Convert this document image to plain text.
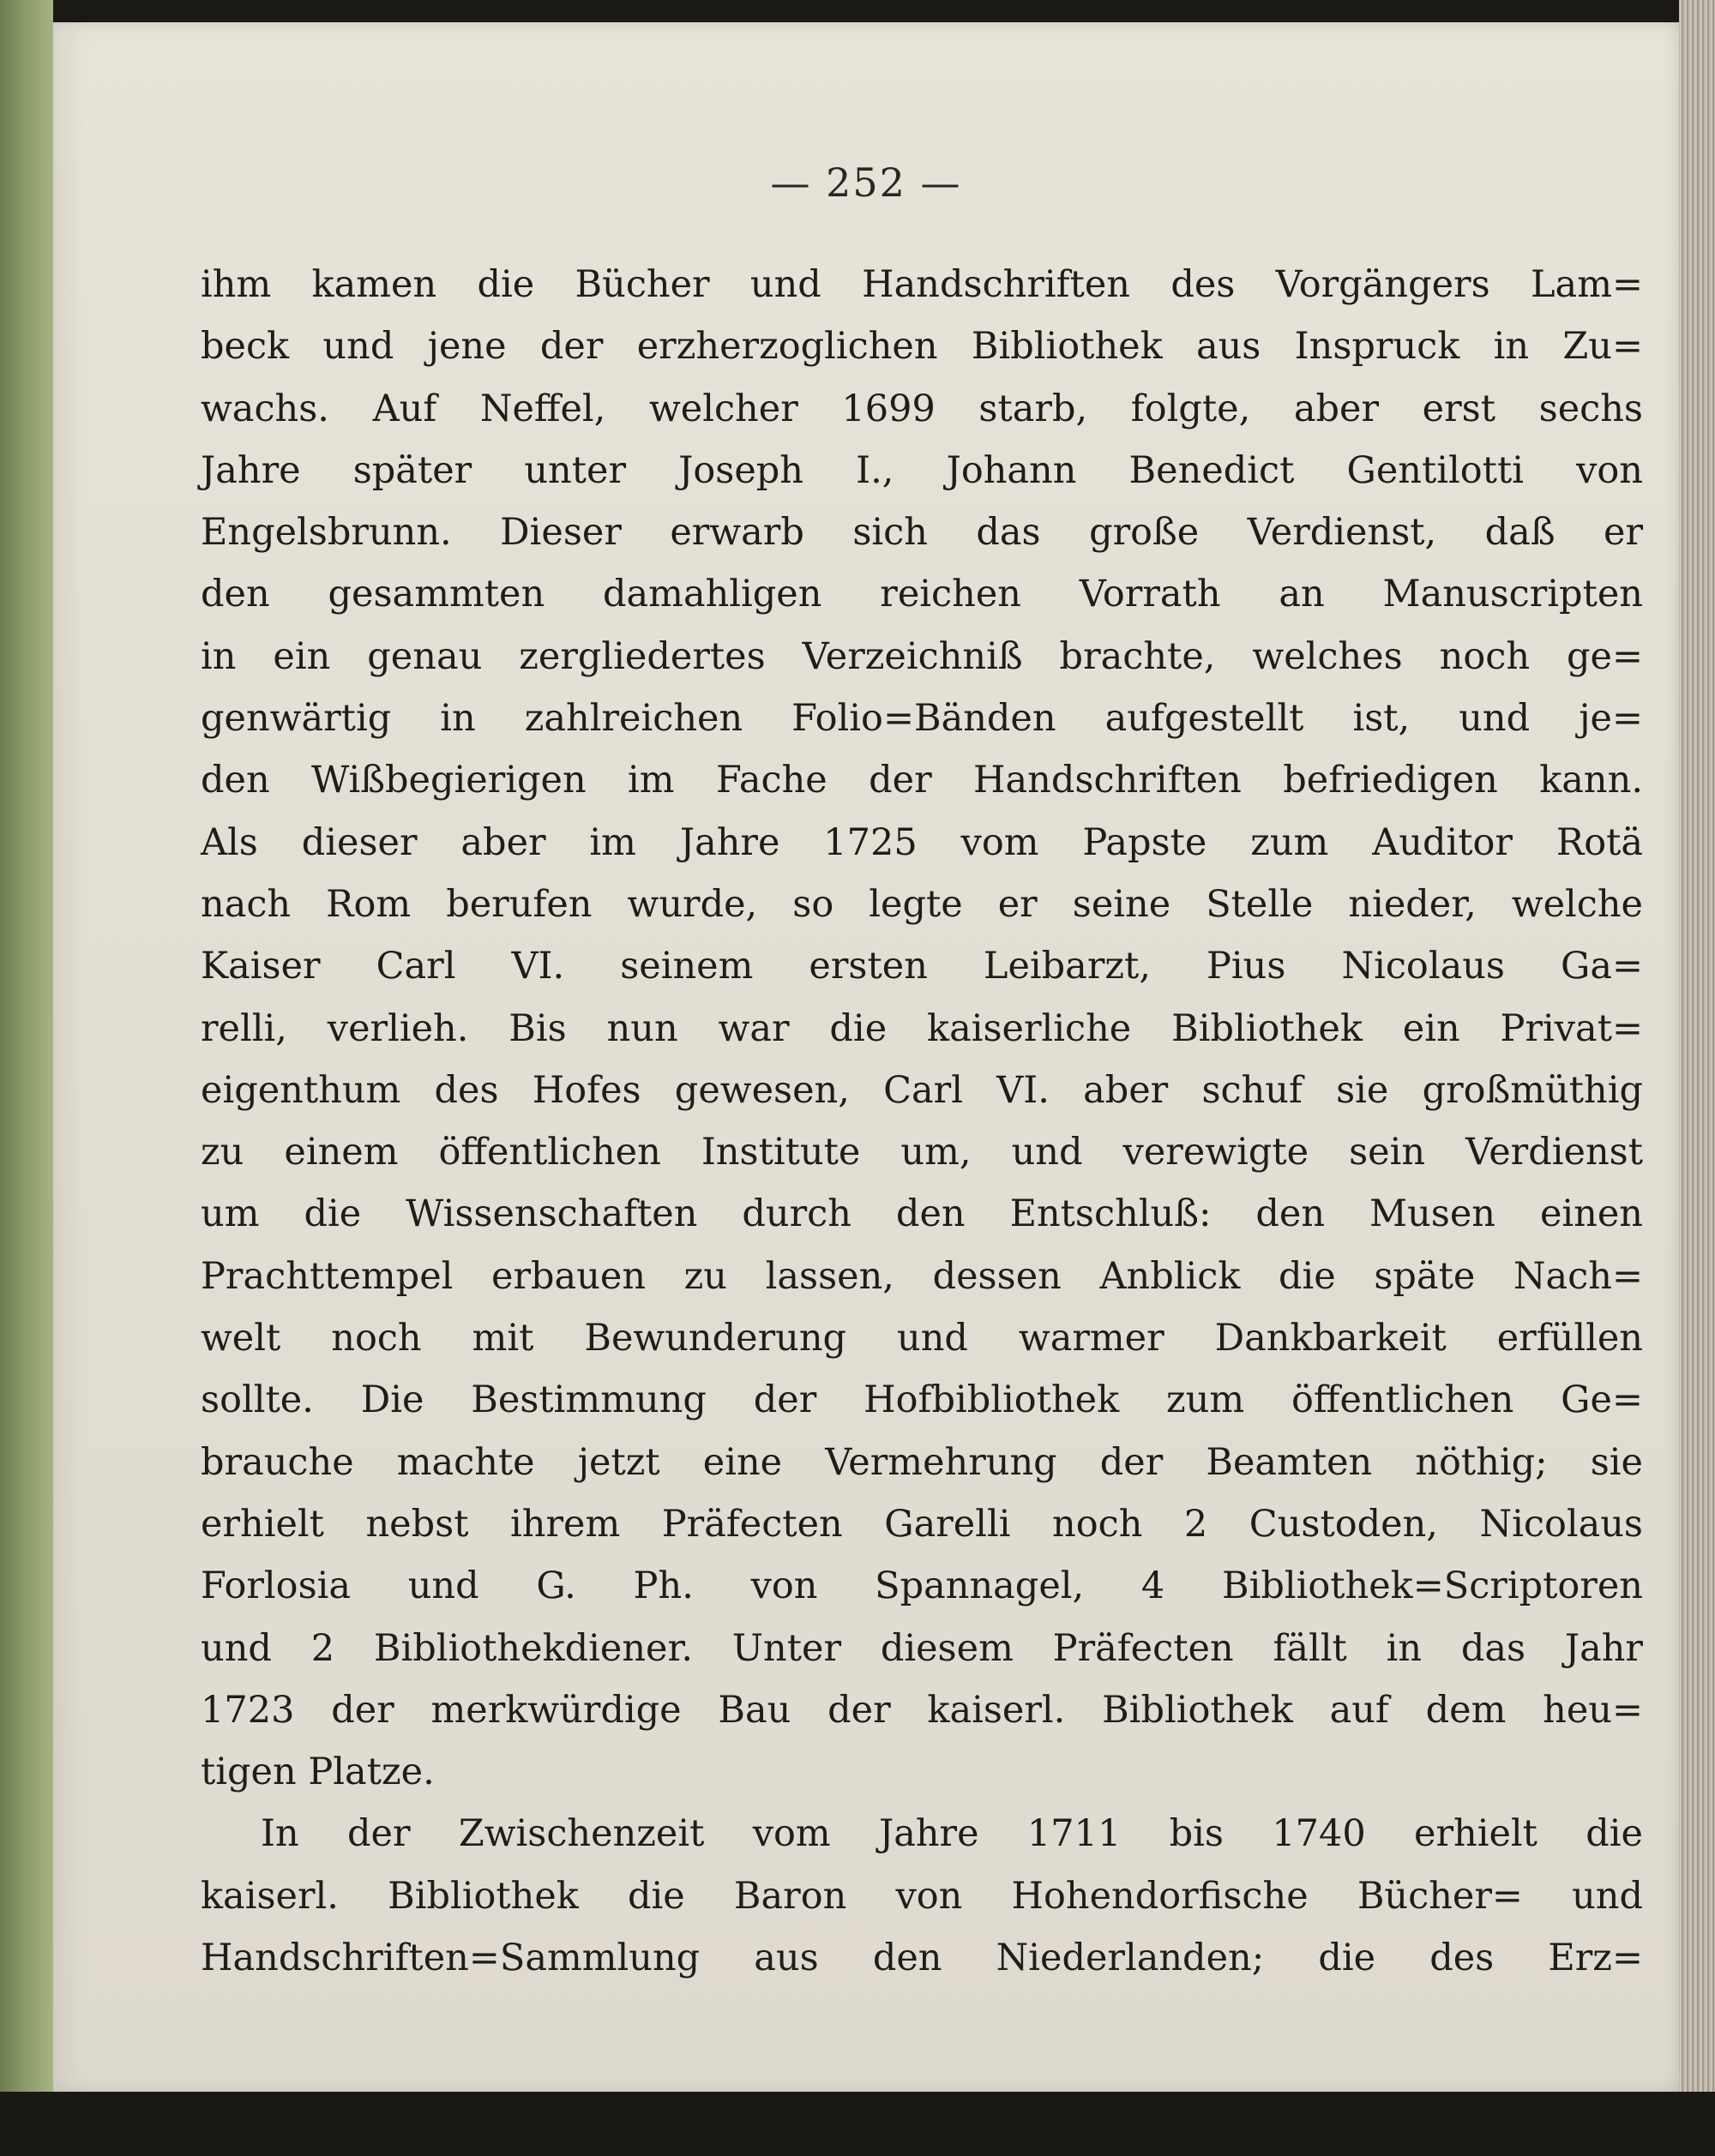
— 252 —
ihm kamen die Bücher und Handschriften des Vorgängers Lam=
beck und jene der erzherzoglichen Bibliothek aus Inspruck in Zu=
wachs. Auf Neffel, welcher 1699 starb, folgte, aber erst sechs
Jahre später unter Joseph I., Johann Benedict Gentilotti von
Engelsbrunn. Dieser erwarb sich das große Verdienst, daß er
den gesammten damahligen reichen Vorrath an Manuscripten
in ein genau zergliedertes Verzeichniß brachte, welches noch ge=
genwärtig in zahlreichen Folio=Bänden aufgestellt ist, und je=
den Wißbegierigen im Fache der Handschriften befriedigen kann.
Als dieser aber im Jahre 1725 vom Papste zum Auditor Rotä
nach Rom berufen wurde, so legte er seine Stelle nieder, welche
Kaiser Carl VI. seinem ersten Leibarzt, Pius Nicolaus Ga=
relli, verlieh. Bis nun war die kaiserliche Bibliothek ein Privat=
eigenthum des Hofes gewesen, Carl VI. aber schuf sie großmüthig
zu einem öffentlichen Institute um, und verewigte sein Verdienst
um die Wissenschaften durch den Entschluß: den Musen einen
Prachttempel erbauen zu lassen, dessen Anblick die späte Nach=
welt noch mit Bewunderung und warmer Dankbarkeit erfüllen
sollte. Die Bestimmung der Hofbibliothek zum öffentlichen Ge=
brauche machte jetzt eine Vermehrung der Beamten nöthig; sie
erhielt nebst ihrem Präfecten Garelli noch 2 Custoden, Nicolaus
Forlosia und G. Ph. von Spannagel, 4 Bibliothek=Scriptoren
und 2 Bibliothekdiener. Unter diesem Präfecten fällt in das Jahr
1723 der merkwürdige Bau der kaiserl. Bibliothek auf dem heu=
tigen Platze.
In der Zwischenzeit vom Jahre 1711 bis 1740 erhielt die
kaiserl. Bibliothek die Baron von Hohendorfische Bücher= und
Handschriften=Sammlung aus den Niederlanden; die des Erz=
